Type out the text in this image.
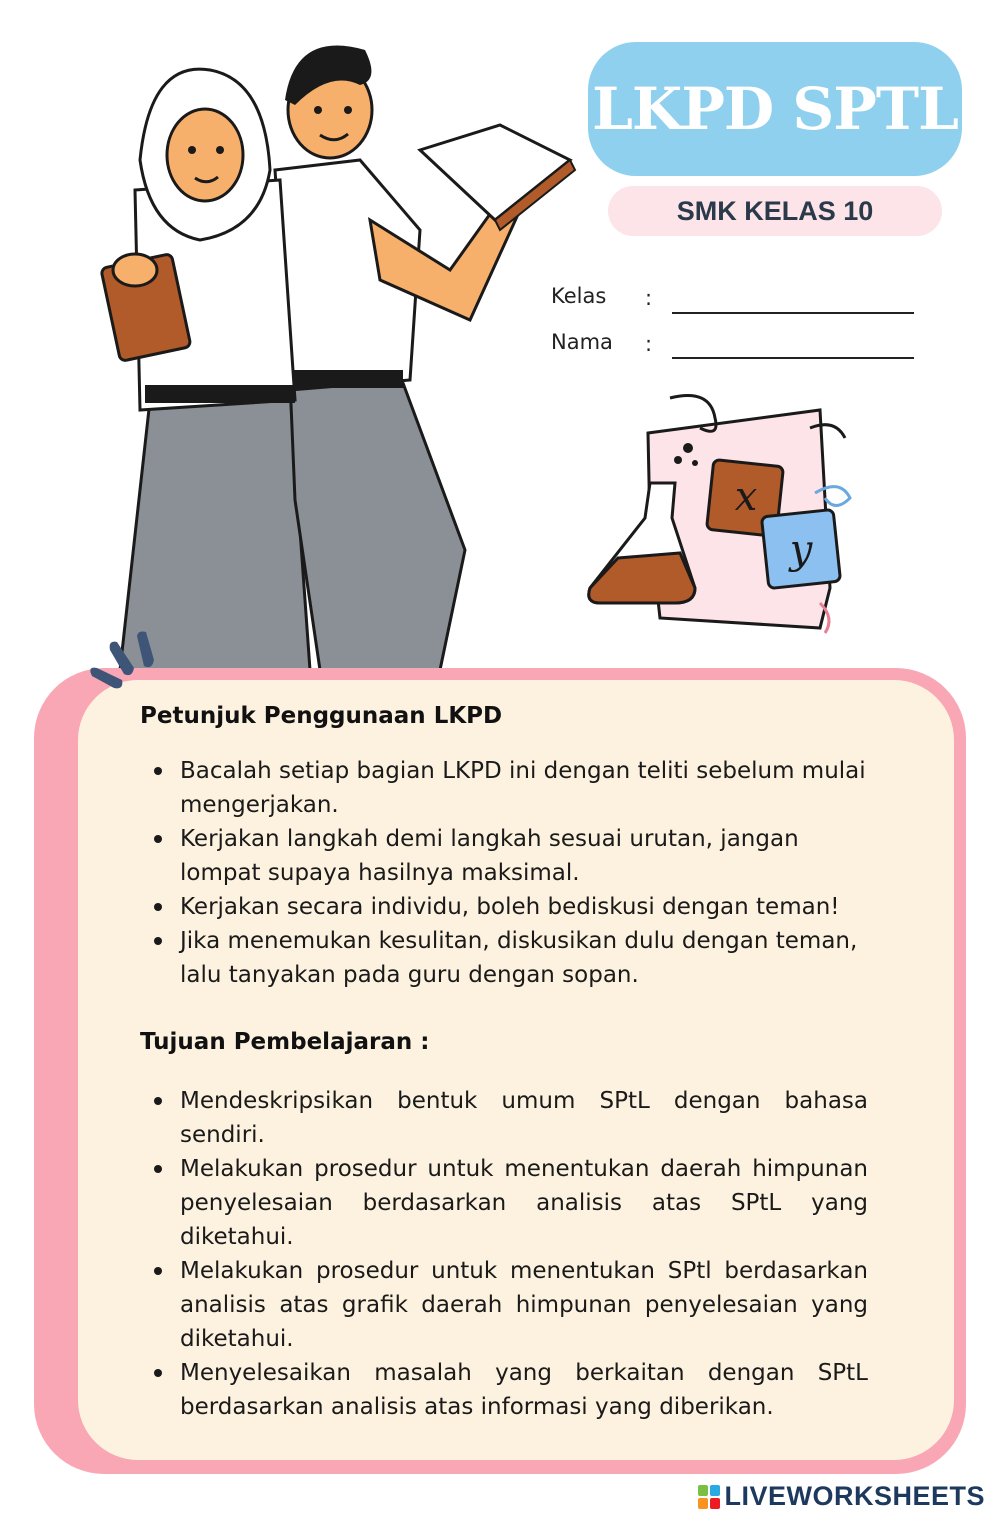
LKPD SPTL
SMK KELAS 10
Kelas :
Nama :
x
y
Petunjuk Penggunaan LKPD
Bacalah setiap bagian LKPD ini dengan teliti sebelum mulai mengerjakan.
Kerjakan langkah demi langkah sesuai urutan, jangan lompat supaya hasilnya maksimal.
Kerjakan secara individu, boleh bediskusi dengan teman!
Jika menemukan kesulitan, diskusikan dulu dengan teman, lalu tanyakan pada guru dengan sopan.
Tujuan Pembelajaran :
Mendeskripsikan bentuk umum SPtL dengan bahasa sendiri.
Melakukan prosedur untuk menentukan daerah himpunan penyelesaian berdasarkan analisis atas SPtL yang diketahui.
Melakukan prosedur untuk menentukan SPtl berdasarkan analisis atas grafik daerah himpunan penyelesaian yang diketahui.
Menyelesaikan masalah yang berkaitan dengan SPtL berdasarkan analisis atas informasi yang diberikan.
LIVEWORKSHEETS
